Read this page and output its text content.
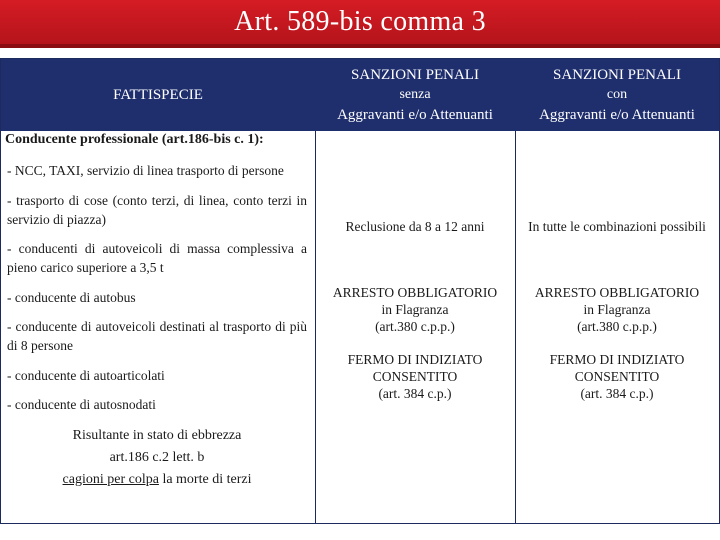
Art. 589-bis comma 3
FATTISPECIE
SANZIONI PENALI
senza
Aggravanti e/o Attenuanti
SANZIONI PENALI
con
Aggravanti e/o Attenuanti
Conducente professionale (art.186-bis c. 1):
- NCC, TAXI, servizio di linea trasporto di persone
- trasporto di cose (conto terzi, di linea, conto terzi in servizio di piazza)
- conducenti di autoveicoli di massa complessiva a pieno carico superiore a 3,5 t
- conducente di autobus
- conducente di autoveicoli destinati al trasporto di più di 8 persone
- conducente di autoarticolati
- conducente di autosnodati
Risultante in stato di ebbrezza
art.186 c.2 lett. b
cagioni per colpa la morte di terzi
Reclusione da 8 a 12 anni
ARRESTO OBBLIGATORIO
in Flagranza
(art.380 c.p.p.)
FERMO DI INDIZIATO
CONSENTITO
(art. 384 c.p.)
In tutte le combinazioni possibili
ARRESTO OBBLIGATORIO
in Flagranza
(art.380 c.p.p.)
FERMO DI INDIZIATO
CONSENTITO
(art. 384 c.p.)
